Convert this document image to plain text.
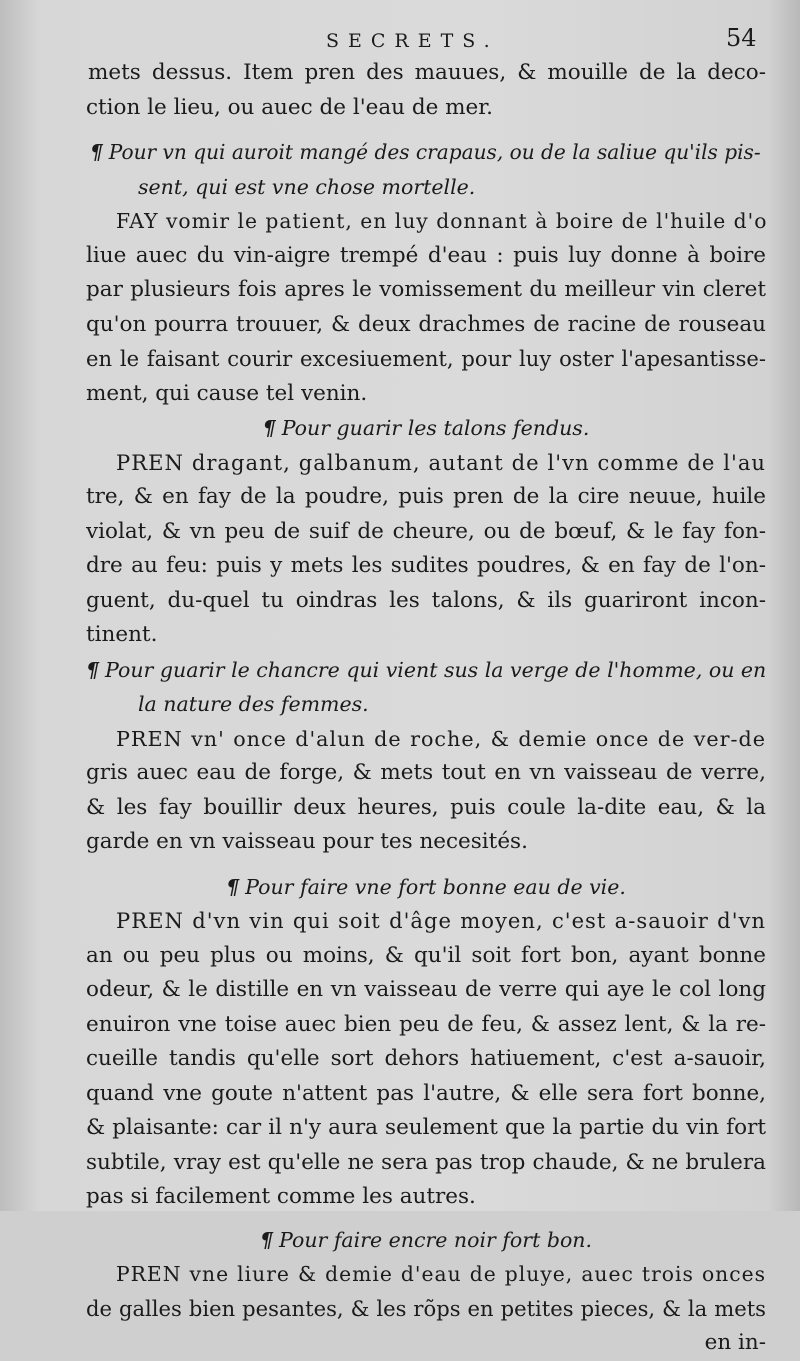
SECRETS.	54
mets dessus. Item pren des mauues, & mouille de la deco-
ction le lieu, ou auec de l'eau de mer.
¶ Pour vn qui auroit mangé des crapaus, ou de la saliue qu'ils pis-
sent, qui est vne chose mortelle.
FAY vomir le patient, en luy donnant à boire de l'huile d'o
liue auec du vin-aigre trempé d'eau : puis luy donne à boire
par plusieurs fois apres le vomissement du meilleur vin cleret
qu'on pourra trouuer, & deux drachmes de racine de rouseau
en le faisant courir excesiuement, pour luy oster l'apesantisse-
ment, qui cause tel venin.
¶ Pour guarir les talons fendus.
PREN dragant, galbanum, autant de l'vn comme de l'au
tre, & en fay de la poudre, puis pren de la cire neuue, huile
violat, & vn peu de suif de cheure, ou de bœuf, & le fay fon-
dre au feu: puis y mets les sudites poudres, & en fay de l'on-
guent, du-quel tu oindras les talons, & ils guariront incon-
tinent.
¶ Pour guarir le chancre qui vient sus la verge de l'homme, ou en
la nature des femmes.
PREN vn' once d'alun de roche, & demie once de ver-de
gris auec eau de forge, & mets tout en vn vaisseau de verre,
& les fay bouillir deux heures, puis coule la-dite eau, & la
garde en vn vaisseau pour tes necesités.
¶ Pour faire vne fort bonne eau de vie.
PREN d'vn vin qui soit d'âge moyen, c'est a-sauoir d'vn
an ou peu plus ou moins, & qu'il soit fort bon, ayant bonne
odeur, & le distille en vn vaisseau de verre qui aye le col long
enuiron vne toise auec bien peu de feu, & assez lent, & la re-
cueille tandis qu'elle sort dehors hatiuement, c'est a-sauoir,
quand vne goute n'attent pas l'autre, & elle sera fort bonne,
& plaisante: car il n'y aura seulement que la partie du vin fort
subtile, vray est qu'elle ne sera pas trop chaude, & ne brulera
pas si facilement comme les autres.
¶ Pour faire encre noir fort bon.
PREN vne liure & demie d'eau de pluye, auec trois onces
de galles bien pesantes, & les rõps en petites pieces, & la mets
en in-
